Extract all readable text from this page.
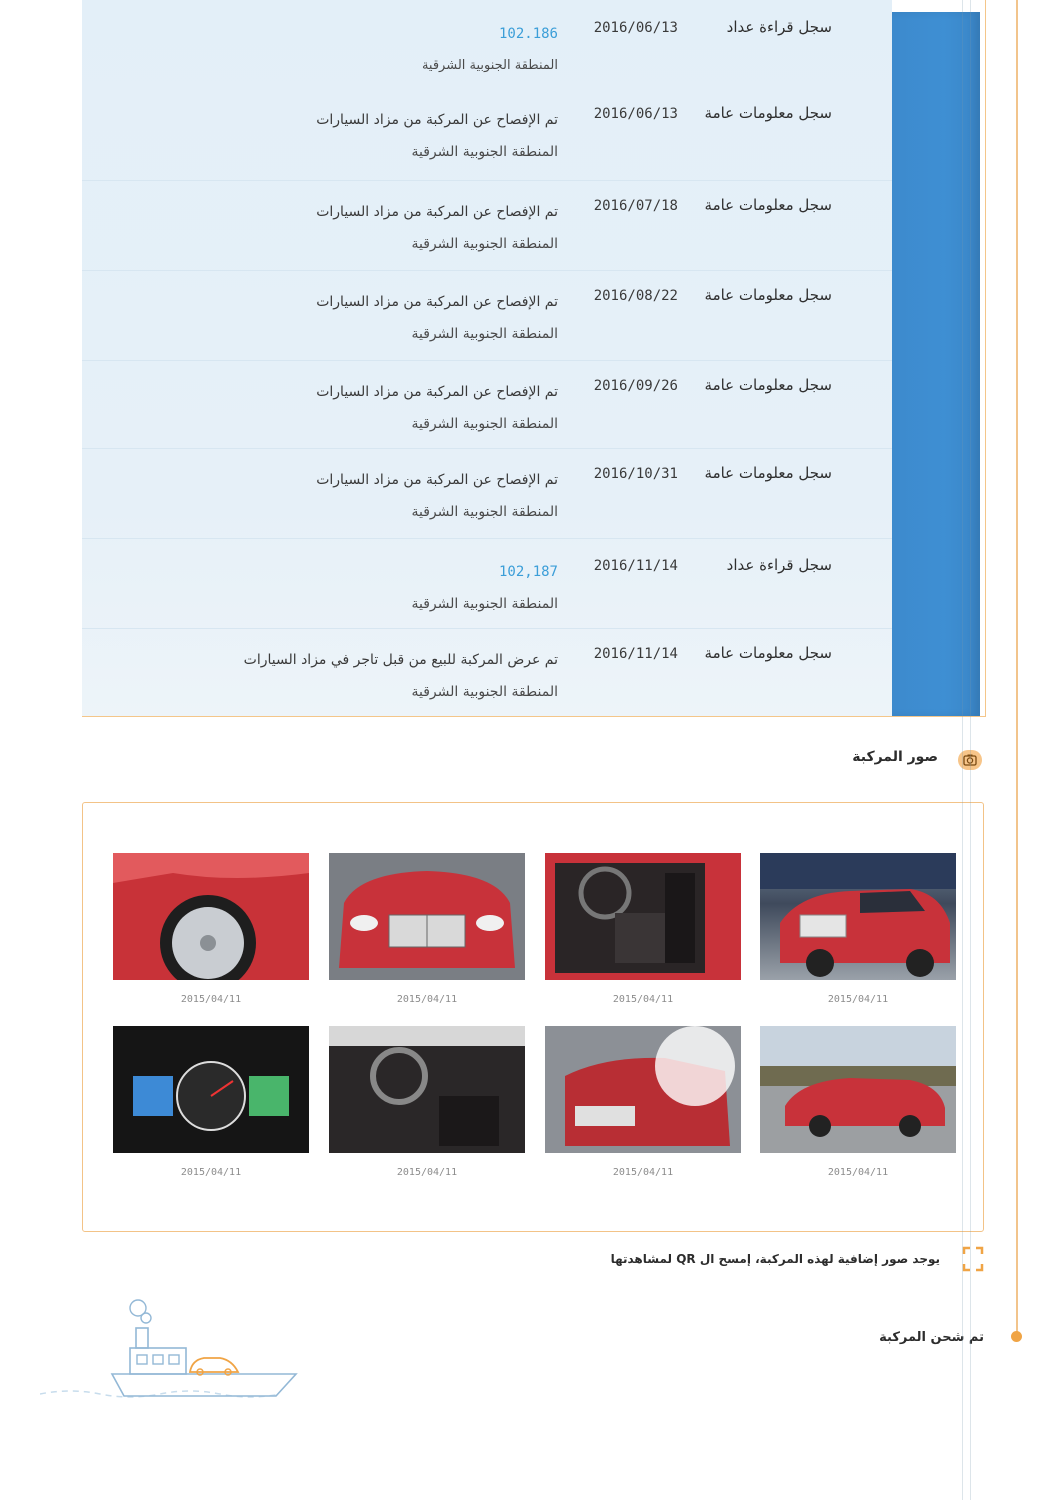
سجل قراءة عداد
2016/06/13
102.186
المنطقة الجنوبية الشرقية
سجل معلومات عامة
2016/06/13
تم الإفصاح عن المركبة من مزاد السيارات
المنطقة الجنوبية الشرقية
سجل معلومات عامة
2016/07/18
تم الإفصاح عن المركبة من مزاد السيارات
المنطقة الجنوبية الشرقية
سجل معلومات عامة
2016/08/22
تم الإفصاح عن المركبة من مزاد السيارات
المنطقة الجنوبية الشرقية
سجل معلومات عامة
2016/09/26
تم الإفصاح عن المركبة من مزاد السيارات
المنطقة الجنوبية الشرقية
سجل معلومات عامة
2016/10/31
تم الإفصاح عن المركبة من مزاد السيارات
المنطقة الجنوبية الشرقية
سجل قراءة عداد
2016/11/14
102,187
المنطقة الجنوبية الشرقية
سجل معلومات عامة
2016/11/14
تم عرض المركبة للبيع من قبل تاجر في مزاد السيارات
المنطقة الجنوبية الشرقية
صور المركبة
2015/04/11
2015/04/11
2015/04/11
2015/04/11
2015/04/11
2015/04/11
2015/04/11
2015/04/11
يوجد صور إضافية لهذه المركبة، إمسح ال QR لمشاهدتها
تم شحن المركبة
